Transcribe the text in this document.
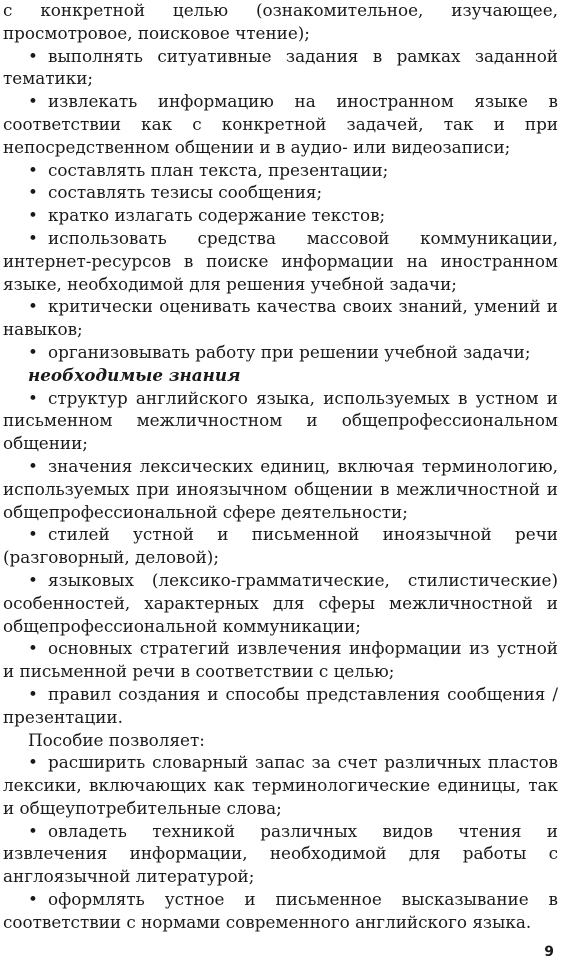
с конкретной целью (ознакомительное, изучающее, просмотровое, поисковое чтение);

• выполнять ситуативные задания в рамках заданной тематики;

• извлекать информацию на иностранном языке в соответствии как с конкретной задачей, так и при непосредственном общении и в аудио- или видеозаписи;

• составлять план текста, презентации;

• составлять тезисы сообщения;

• кратко излагать содержание текстов;

• использовать средства массовой коммуникации, интернет-ресурсов в поиске информации на иностранном языке, необходимой для решения учебной задачи;

• критически оценивать качества своих знаний, умений и навыков;

• организовывать работу при решении учебной задачи;

необходимые знания

• структур английского языка, используемых в устном и письменном межличностном и общепрофессиональном общении;

• значения лексических единиц, включая терминологию, используемых при иноязычном общении в межличностной и общепрофессиональной сфере деятельности;

• стилей устной и письменной иноязычной речи (разговорный, деловой);

• языковых (лексико-грамматические, стилистические) особенностей, характерных для сферы межличностной и общепрофессиональной коммуникации;

• основных стратегий извлечения информации из устной и письменной речи в соответствии с целью;

• правил создания и способы представления сообщения / презентации.

Пособие позволяет:

• расширить словарный запас за счет различных пластов лексики, включающих как терминологические единицы, так и общеупотребительные слова;

• овладеть техникой различных видов чтения и извлечения информации, необходимой для работы с англоязычной литературой;

• оформлять устное и письменное высказывание в соответствии с нормами современного английского языка.

9
